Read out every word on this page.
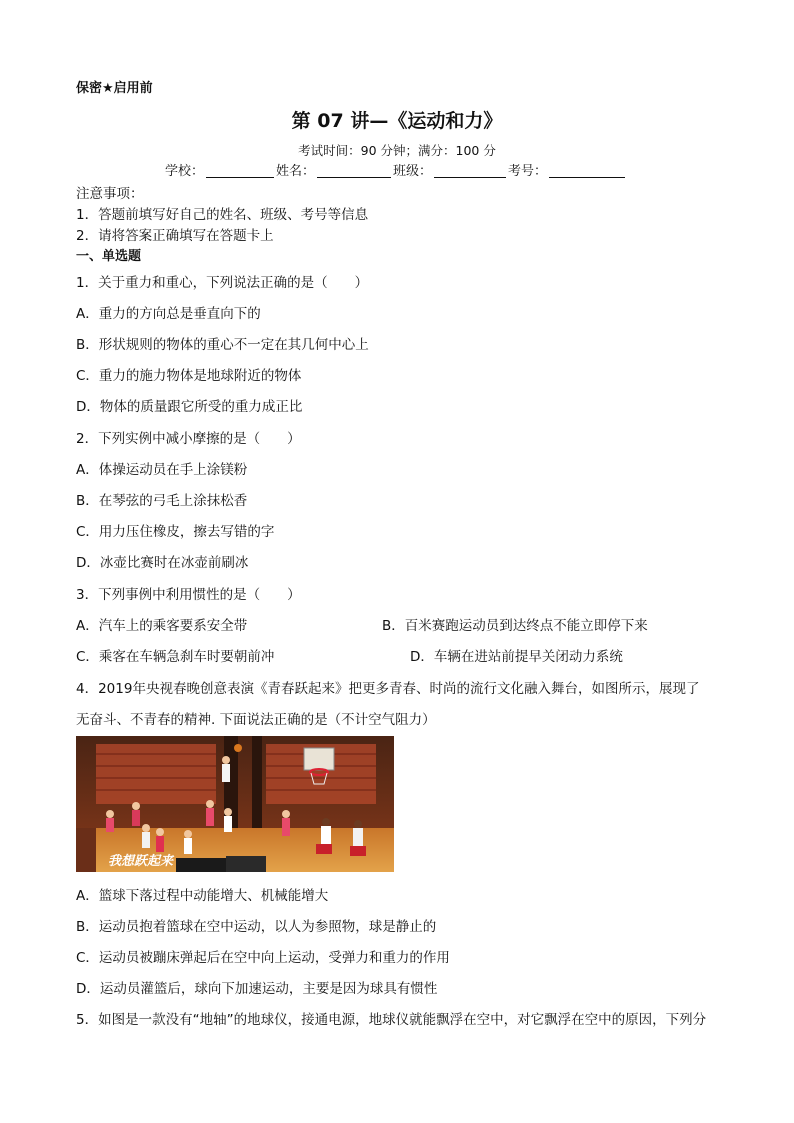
保密★启用前
第 07 讲—《运动和力》
考试时间：90 分钟；满分：100 分
学校：	姓名：	班级：	考号：
注意事项：
1．答题前填写好自己的姓名、班级、考号等信息
2．请将答案正确填写在答题卡上
一、单选题
1．关于重力和重心，下列说法正确的是（　　）
A．重力的方向总是垂直向下的
B．形状规则的物体的重心不一定在其几何中心上
C．重力的施力物体是地球附近的物体
D．物体的质量跟它所受的重力成正比
2．下列实例中减小摩擦的是（　　）
A．体操运动员在手上涂镁粉
B．在琴弦的弓毛上涂抹松香
C．用力压住橡皮，擦去写错的字
D．冰壶比赛时在冰壶前刷冰
3．下列事例中利用惯性的是（　　）
A．汽车上的乘客要系安全带	B．百米赛跑运动员到达终点不能立即停下来
C．乘客在车辆急刹车时要朝前冲	D．车辆在进站前提早关闭动力系统
4．2019年央视春晚创意表演《青春跃起来》把更多青春、时尚的流行文化融入舞台，如图所示，展现了
无奋斗、不青春的精神. 下面说法正确的是（不计空气阻力）
我想跃起来
A．篮球下落过程中动能增大、机械能增大
B．运动员抱着篮球在空中运动，以人为参照物，球是静止的
C．运动员被蹦床弹起后在空中向上运动，受弹力和重力的作用
D．运动员灌篮后，球向下加速运动，主要是因为球具有惯性
5．如图是一款没有“地轴”的地球仪，接通电源，地球仪就能飘浮在空中，对它飘浮在空中的原因，下列分
